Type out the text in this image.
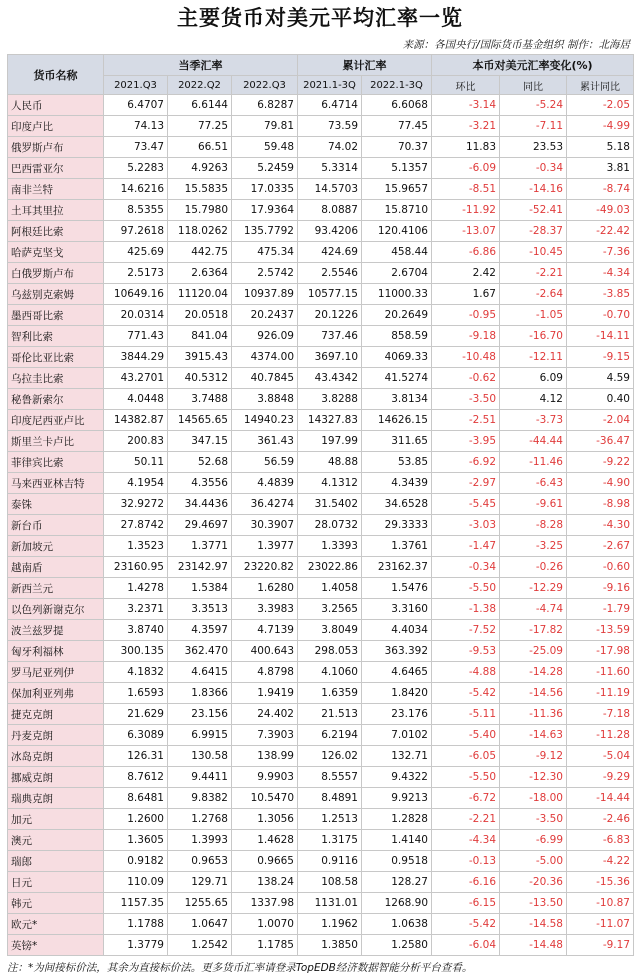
主要货币对美元平均汇率一览
来源：各国央行/国际货币基金组织 制作：北海居
货币名称	当季汇率			累计汇率		本币对美元汇率变化(%)		
	2021.Q3	2022.Q2	2022.Q3	2021.1-3Q	2022.1-3Q	环比	同比	累计同比
人民币	6.4707	6.6144	6.8287	6.4714	6.6068	-3.14	-5.24	-2.05
印度卢比	74.13	77.25	79.81	73.59	77.45	-3.21	-7.11	-4.99
俄罗斯卢布	73.47	66.51	59.48	74.02	70.37	11.83	23.53	5.18
巴西雷亚尔	5.2283	4.9263	5.2459	5.3314	5.1357	-6.09	-0.34	3.81
南非兰特	14.6216	15.5835	17.0335	14.5703	15.9657	-8.51	-14.16	-8.74
土耳其里拉	8.5355	15.7980	17.9364	8.0887	15.8710	-11.92	-52.41	-49.03
阿根廷比索	97.2618	118.0262	135.7792	93.4206	120.4106	-13.07	-28.37	-22.42
哈萨克坚戈	425.69	442.75	475.34	424.69	458.44	-6.86	-10.45	-7.36
白俄罗斯卢布	2.5173	2.6364	2.5742	2.5546	2.6704	2.42	-2.21	-4.34
乌兹别克索姆	10649.16	11120.04	10937.89	10577.15	11000.33	1.67	-2.64	-3.85
墨西哥比索	20.0314	20.0518	20.2437	20.1226	20.2649	-0.95	-1.05	-0.70
智利比索	771.43	841.04	926.09	737.46	858.59	-9.18	-16.70	-14.11
哥伦比亚比索	3844.29	3915.43	4374.00	3697.10	4069.33	-10.48	-12.11	-9.15
乌拉圭比索	43.2701	40.5312	40.7845	43.4342	41.5274	-0.62	6.09	4.59
秘鲁新索尔	4.0448	3.7488	3.8848	3.8288	3.8134	-3.50	4.12	0.40
印度尼西亚卢比	14382.87	14565.65	14940.23	14327.83	14626.15	-2.51	-3.73	-2.04
斯里兰卡卢比	200.83	347.15	361.43	197.99	311.65	-3.95	-44.44	-36.47
菲律宾比索	50.11	52.68	56.59	48.88	53.85	-6.92	-11.46	-9.22
马来西亚林吉特	4.1954	4.3556	4.4839	4.1312	4.3439	-2.97	-6.43	-4.90
泰铢	32.9272	34.4436	36.4274	31.5402	34.6528	-5.45	-9.61	-8.98
新台币	27.8742	29.4697	30.3907	28.0732	29.3333	-3.03	-8.28	-4.30
新加坡元	1.3523	1.3771	1.3977	1.3393	1.3761	-1.47	-3.25	-2.67
越南盾	23160.95	23142.97	23220.82	23022.86	23162.37	-0.34	-0.26	-0.60
新西兰元	1.4278	1.5384	1.6280	1.4058	1.5476	-5.50	-12.29	-9.16
以色列新谢克尔	3.2371	3.3513	3.3983	3.2565	3.3160	-1.38	-4.74	-1.79
波兰兹罗提	3.8740	4.3597	4.7139	3.8049	4.4034	-7.52	-17.82	-13.59
匈牙利福林	300.135	362.470	400.643	298.053	363.392	-9.53	-25.09	-17.98
罗马尼亚列伊	4.1832	4.6415	4.8798	4.1060	4.6465	-4.88	-14.28	-11.60
保加利亚列弗	1.6593	1.8366	1.9419	1.6359	1.8420	-5.42	-14.56	-11.19
捷克克朗	21.629	23.156	24.402	21.513	23.176	-5.11	-11.36	-7.18
丹麦克朗	6.3089	6.9915	7.3903	6.2194	7.0102	-5.40	-14.63	-11.28
冰岛克朗	126.31	130.58	138.99	126.02	132.71	-6.05	-9.12	-5.04
挪威克朗	8.7612	9.4411	9.9903	8.5557	9.4322	-5.50	-12.30	-9.29
瑞典克朗	8.6481	9.8382	10.5470	8.4891	9.9213	-6.72	-18.00	-14.44
加元	1.2600	1.2768	1.3056	1.2513	1.2828	-2.21	-3.50	-2.46
澳元	1.3605	1.3993	1.4628	1.3175	1.4140	-4.34	-6.99	-6.83
瑞郎	0.9182	0.9653	0.9665	0.9116	0.9518	-0.13	-5.00	-4.22
日元	110.09	129.71	138.24	108.58	128.27	-6.16	-20.36	-15.36
韩元	1157.35	1255.65	1337.98	1131.01	1268.90	-6.15	-13.50	-10.87
欧元*	1.1788	1.0647	1.0070	1.1962	1.0638	-5.42	-14.58	-11.07
英镑*	1.3779	1.2542	1.1785	1.3850	1.2580	-6.04	-14.48	-9.17
注：*为间接标价法，其余为直接标价法。更多货币汇率请登录TopEDB经济数据智能分析平台查看。
